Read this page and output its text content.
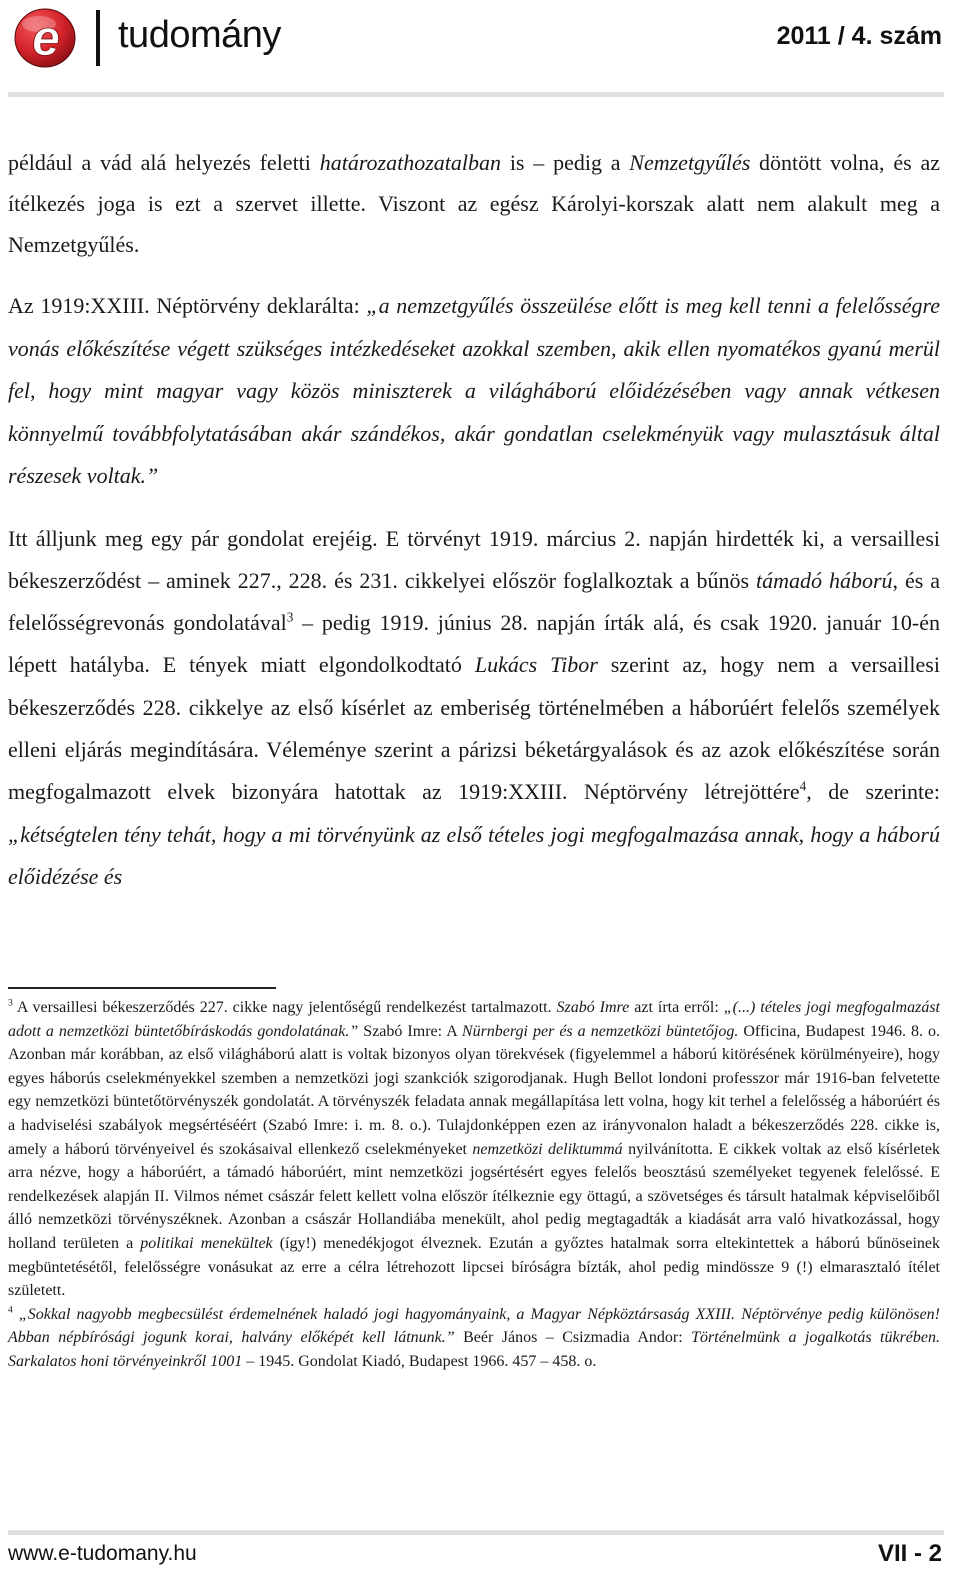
e tudomány	2011 / 4. szám

például a vád alá helyezés feletti határozathozatalban is – pedig a Nemzetgyűlés döntött volna, és az ítélkezés joga is ezt a szervet illette. Viszont az egész Károlyi-korszak alatt nem alakult meg a Nemzetgyűlés.

Az 1919:XXIII. Néptörvény deklarálta: „a nemzetgyűlés összeülése előtt is meg kell tenni a felelősségre vonás előkészítése végett szükséges intézkedéseket azokkal szemben, akik ellen nyomatékos gyanú merül fel, hogy mint magyar vagy közös miniszterek a világháború előidézésében vagy annak vétkesen könnyelmű továbbfolytatásában akár szándékos, akár gondatlan cselekményük vagy mulasztásuk által részesek voltak.”

Itt álljunk meg egy pár gondolat erejéig. E törvényt 1919. március 2. napján hirdették ki, a versaillesi békeszerződést – aminek 227., 228. és 231. cikkelyei először foglalkoztak a bűnös támadó háború, és a felelősségrevonás gondolatával$^3$ – pedig 1919. június 28. napján írták alá, és csak 1920. január 10-én lépett hatályba. E tények miatt elgondolkodtató Lukács Tibor szerint az, hogy nem a versaillesi békeszerződés 228. cikkelye az első kísérlet az emberiség történelmében a háborúért felelős személyek elleni eljárás megindítására. Véleménye szerint a párizsi béketárgyalások és az azok előkészítése során megfogalmazott elvek bizonyára hatottak az 1919:XXIII. Néptörvény létrejöttére$^4$, de szerinte: „kétségtelen tény tehát, hogy a mi törvényünk az első tételes jogi megfogalmazása annak, hogy a háború előidézése és

$^3$ A versaillesi békeszerződés 227. cikke nagy jelentőségű rendelkezést tartalmazott. Szabó Imre azt írta erről: „(...) tételes jogi megfogalmazást adott a nemzetközi büntetőbíráskodás gondolatának.” Szabó Imre: A Nürnbergi per és a nemzetközi büntetőjog. Officina, Budapest 1946. 8. o. Azonban már korábban, az első világháború alatt is voltak bizonyos olyan törekvések (figyelemmel a háború kitörésének körülményeire), hogy egyes háborús cselekményekkel szemben a nemzetközi jogi szankciók szigorodjanak. Hugh Bellot londoni professzor már 1916-ban felvetette egy nemzetközi büntetőtörvényszék gondolatát. A törvényszék feladata annak megállapítása lett volna, hogy kit terhel a felelősség a háborúért és a hadviselési szabályok megsértéséért (Szabó Imre: i. m. 8. o.). Tulajdonképpen ezen az irányvonalon haladt a békeszerződés 228. cikke is, amely a háború törvényeivel és szokásaival ellenkező cselekményeket nemzetközi deliktummá nyilvánította. E cikkek voltak az első kísérletek arra nézve, hogy a háborúért, a támadó háborúért, mint nemzetközi jogsértésért egyes felelős beosztású személyeket tegyenek felelőssé. E rendelkezések alapján II. Vilmos német császár felett kellett volna először ítélkeznie egy öttagú, a szövetséges és társult hatalmak képviselőiből álló nemzetközi törvényszéknek. Azonban a császár Hollandiába menekült, ahol pedig megtagadták a kiadását arra való hivatkozással, hogy holland területen a politikai menekültek (így!) menedékjogot élveznek. Ezután a győztes hatalmak sorra eltekintettek a háború bűnöseinek megbüntetésétől, felelősségre vonásukat az erre a célra létrehozott lipcsei bíróságra bízták, ahol pedig mindössze 9 (!) elmarasztaló ítélet született.

$^4$ „Sokkal nagyobb megbecsülést érdemelnének haladó jogi hagyományaink, a Magyar Népköztársaság XXIII. Néptörvénye pedig különösen! Abban népbírósági jogunk korai, halvány előképét kell látnunk.” Beér János – Csizmadia Andor: Történelmünk a jogalkotás tükrében. Sarkalatos honi törvényeinkről 1001 – 1945. Gondolat Kiadó, Budapest 1966. 457 – 458. o.

www.e-tudomany.hu	VII - 2
